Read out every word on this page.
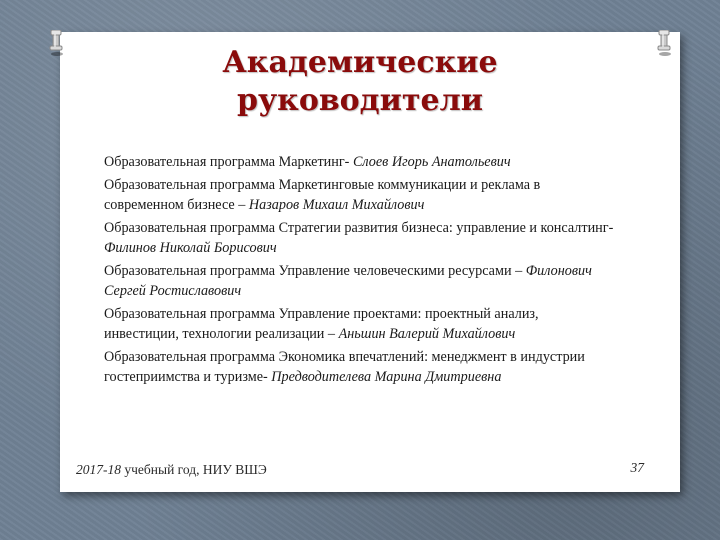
Академические
руководители
Образовательная программа Маркетинг- Слоев Игорь Анатольевич
Образовательная программа Маркетинговые коммуникации и реклама в современном бизнесе – Назаров Михаил Михайлович
Образовательная программа Стратегии развития бизнеса: управление и консалтинг- Филинов Николай Борисович
Образовательная программа Управление человеческими ресурсами – Филонович Сергей Ростиславович
Образовательная программа Управление проектами: проектный анализ, инвестиции, технологии реализации – Аньшин Валерий Михайлович
Образовательная программа Экономика впечатлений: менеджмент в индустрии гостеприимства и туризме- Предводителева Марина Дмитриевна
2017-18 учебный год, НИУ ВШЭ	37
